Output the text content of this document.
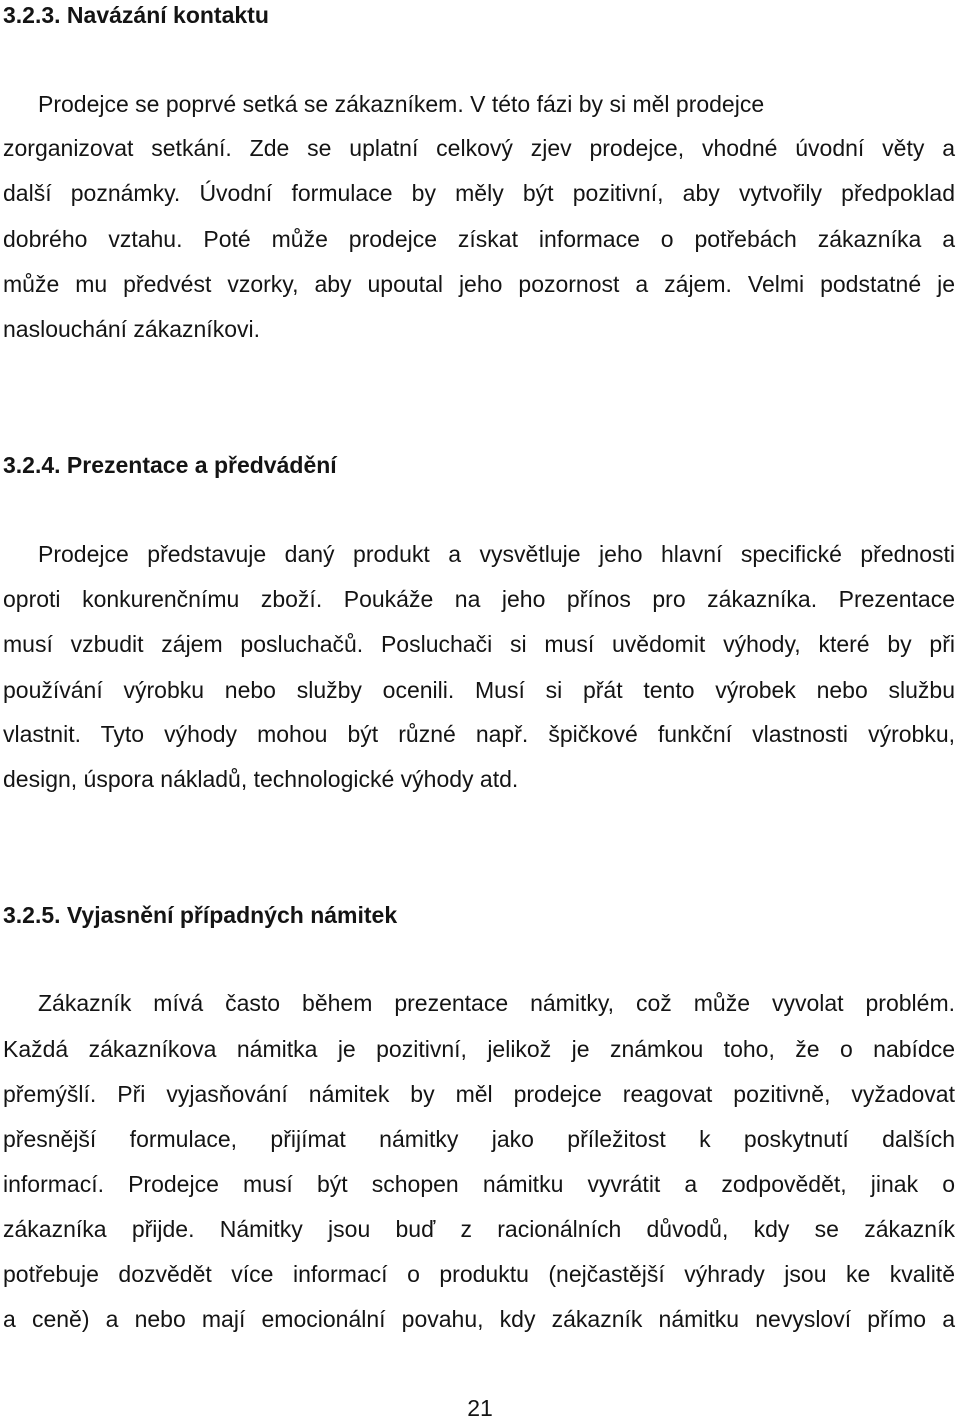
3.2.3. Navázání kontaktu

Prodejce se poprvé setká se zákazníkem. V této fázi by si měl prodejce

zorganizovat setkání. Zde se uplatní celkový zjev prodejce, vhodné úvodní věty a

další poznámky. Úvodní formulace by měly být pozitivní, aby vytvořily předpoklad

dobrého vztahu. Poté může prodejce získat informace o potřebách zákazníka a

může mu předvést vzorky, aby upoutal jeho pozornost a zájem. Velmi podstatné je

naslouchání zákazníkovi.

3.2.4. Prezentace a předvádění

Prodejce představuje daný produkt a vysvětluje jeho hlavní specifické přednosti

oproti konkurenčnímu zboží. Poukáže na jeho přínos pro zákazníka. Prezentace

musí vzbudit zájem posluchačů. Posluchači si musí uvědomit výhody, které by při

používání výrobku nebo služby ocenili. Musí si přát tento výrobek nebo službu

vlastnit. Tyto výhody mohou být různé např. špičkové funkční vlastnosti výrobku,

design, úspora nákladů, technologické výhody atd.

3.2.5. Vyjasnění případných námitek

Zákazník mívá často během prezentace námitky, což může vyvolat problém.

Každá zákazníkova námitka je pozitivní, jelikož je známkou toho, že o nabídce

přemýšlí. Při vyjasňování námitek by měl prodejce reagovat pozitivně, vyžadovat

přesnější formulace, přijímat námitky jako příležitost k poskytnutí dalších

informací. Prodejce musí být schopen námitku vyvrátit a zodpovědět, jinak o

zákazníka přijde. Námitky jsou buď z racionálních důvodů, kdy se zákazník

potřebuje dozvědět více informací o produktu (nejčastější výhrady jsou ke kvalitě

a ceně) a nebo mají emocionální povahu, kdy zákazník námitku nevysloví přímo a

21
